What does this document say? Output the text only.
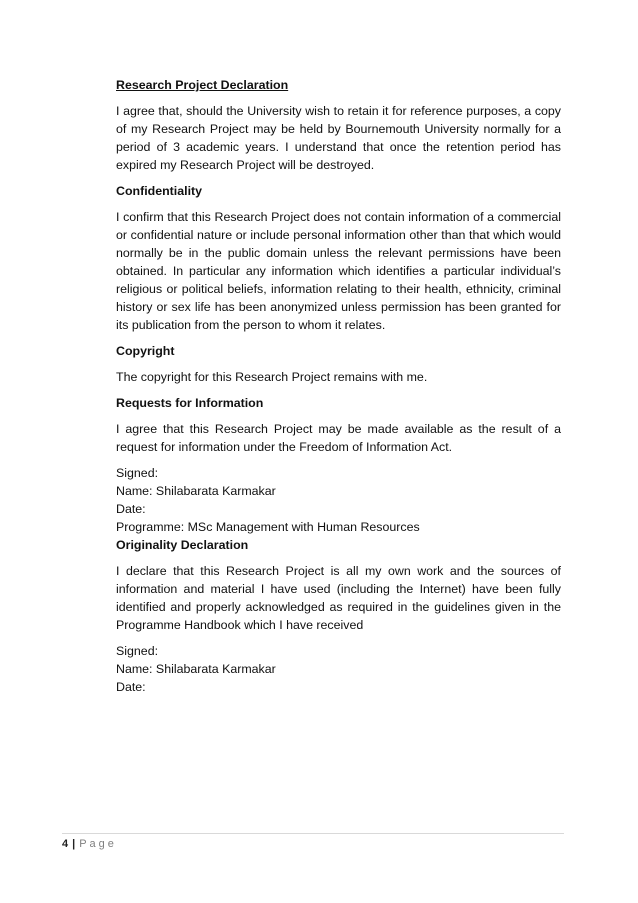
Research Project Declaration

I agree that, should the University wish to retain it for reference purposes, a copy of my Research Project may be held by Bournemouth University normally for a period of 3 academic years. I understand that once the retention period has expired my Research Project will be destroyed.

Confidentiality

I confirm that this Research Project does not contain information of a commercial or confidential nature or include personal information other than that which would normally be in the public domain unless the relevant permissions have been obtained. In particular any information which identifies a particular individual’s religious or political beliefs, information relating to their health, ethnicity, criminal history or sex life has been anonymized unless permission has been granted for its publication from the person to whom it relates.

Copyright

The copyright for this Research Project remains with me.

Requests for Information

I agree that this Research Project may be made available as the result of a request for information under the Freedom of Information Act.

Signed:

Name: Shilabarata Karmakar

Date:

Programme: MSc Management with Human Resources

Originality Declaration

I declare that this Research Project is all my own work and the sources of information and material I have used (including the Internet) have been fully identified and properly acknowledged as required in the guidelines given in the Programme Handbook which I have received

Signed:

Name: Shilabarata Karmakar

Date:

4 | Page
